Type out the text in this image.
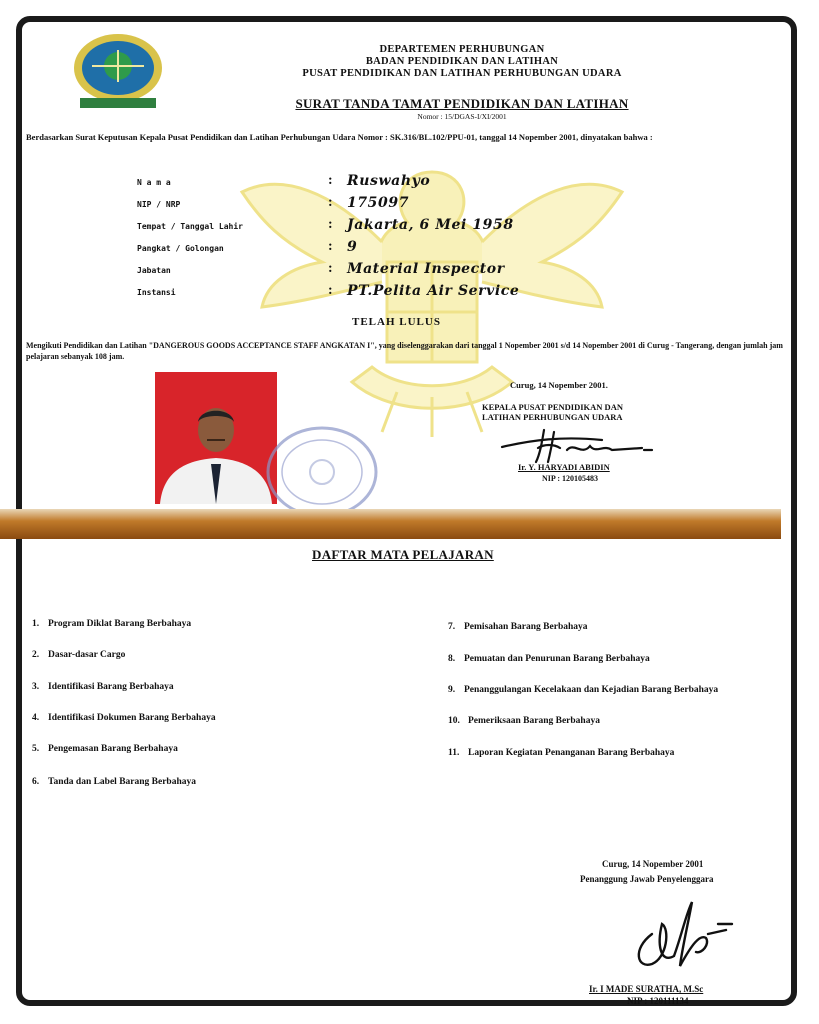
DEPARTEMEN PERHUBUNGAN
BADAN PENDIDIKAN DAN LATIHAN
PUSAT PENDIDIKAN DAN LATIHAN PERHUBUNGAN UDARA
SURAT TANDA TAMAT PENDIDIKAN DAN LATIHAN
Nomor : 15/DGAS-I/XI/2001
Berdasarkan Surat Keputusan Kepala Pusat Pendidikan dan Latihan Perhubungan Udara Nomor : SK.316/BL.102/PPU-01, tanggal 14 Nopember 2001, dinyatakan bahwa :
N a m a	: Ruswahyo
NIP / NRP	: 175097
Tempat / Tanggal Lahir	: Jakarta, 6 Mei 1958
Pangkat / Golongan	: 9
Jabatan	: Material Inspector
Instansi	: PT.Pelita Air Service
TELAH LULUS
Mengikuti Pendidikan dan Latihan "DANGEROUS GOODS ACCEPTANCE STAFF ANGKATAN I", yang diselenggarakan dari tanggal 1 Nopember 2001 s/d 14 Nopember 2001 di Curug - Tangerang, dengan jumlah jam pelajaran sebanyak 108 jam.
Curug, 14 Nopember 2001.
KEPALA PUSAT PENDIDIKAN DAN
LATIHAN PERHUBUNGAN UDARA
Ir. Y. HARYADI ABIDIN
NIP : 120105483
DAFTAR MATA PELAJARAN
1. Program Diklat Barang Berbahaya
2. Dasar-dasar Cargo
3. Identifikasi Barang Berbahaya
4. Identifikasi Dokumen Barang Berbahaya
5. Pengemasan Barang Berbahaya
6. Tanda dan Label Barang Berbahaya
7. Pemisahan Barang Berbahaya
8. Pemuatan dan Penurunan Barang Berbahaya
9. Penanggulangan Kecelakaan dan Kejadian Barang Berbahaya
10. Pemeriksaan Barang Berbahaya
11. Laporan Kegiatan Penanganan Barang Berbahaya
Curug, 14 Nopember 2001
Penanggung Jawab Penyelenggara
Ir. I MADE SURATHA, M.Sc
NIP : 120111134
